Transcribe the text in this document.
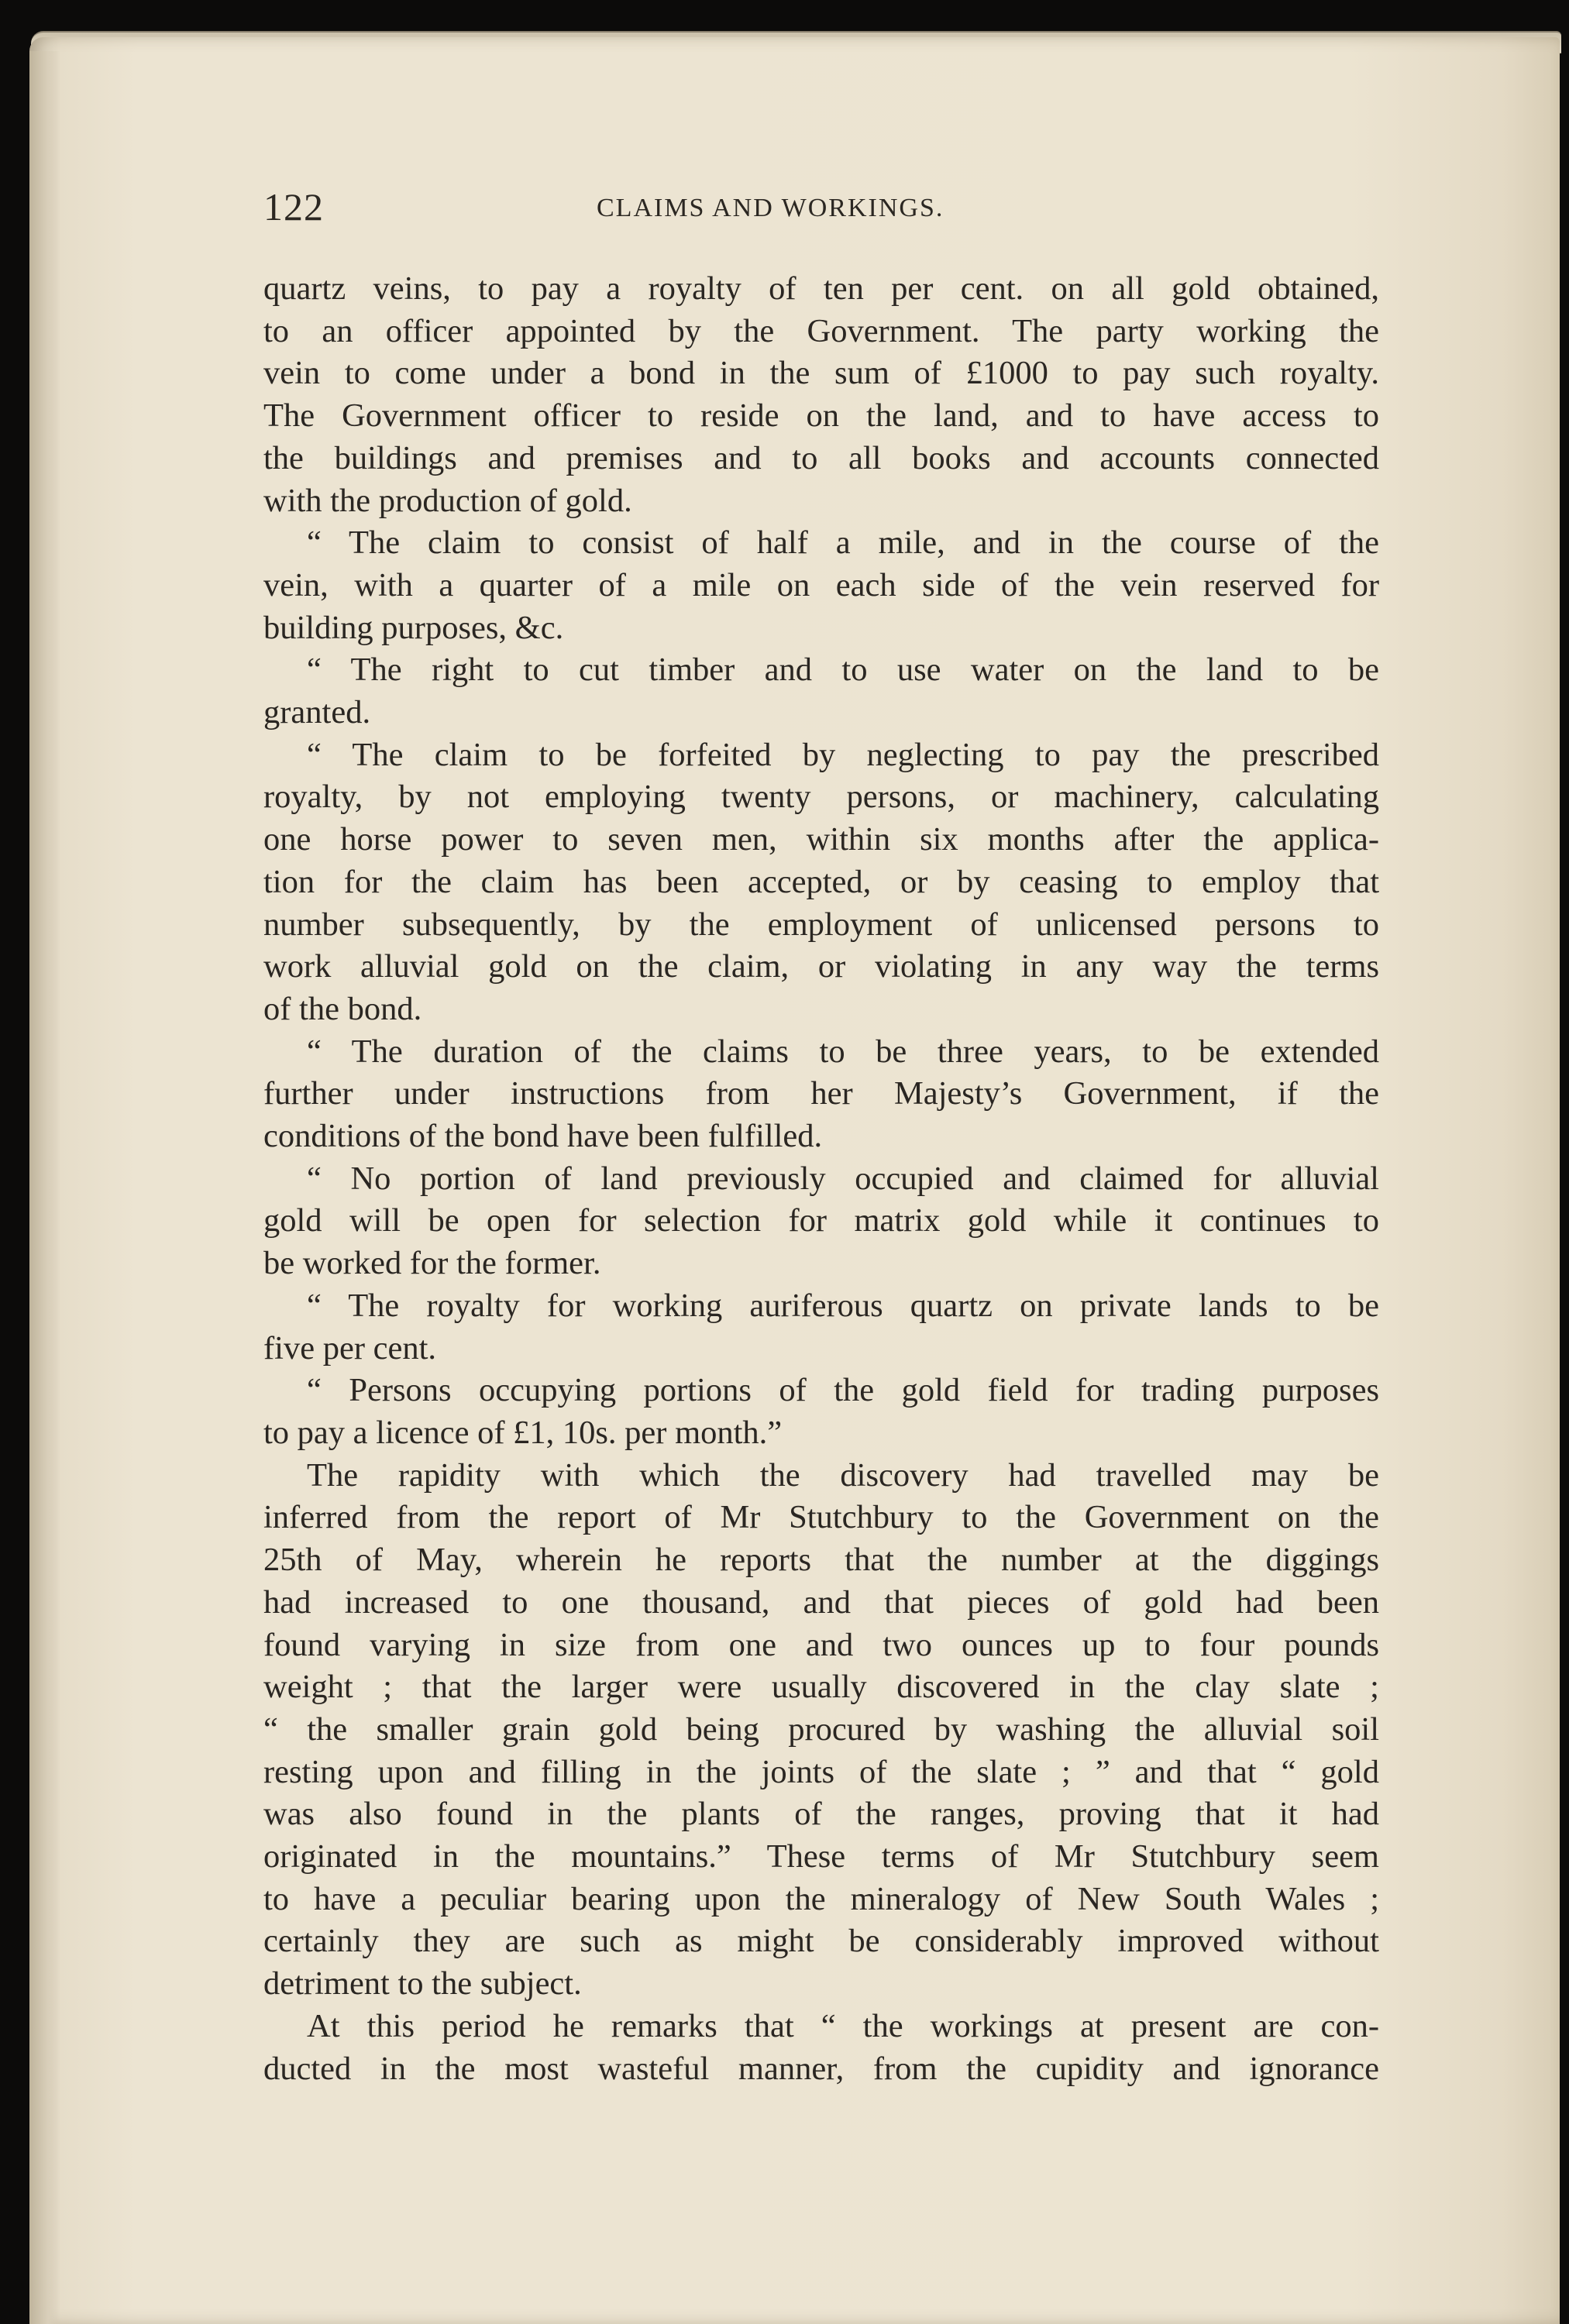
122	CLAIMS AND WORKINGS.

quartz veins, to pay a royalty of ten per cent. on all gold obtained,
to an officer appointed by the Government. The party working the
vein to come under a bond in the sum of £1000 to pay such royalty.
The Government officer to reside on the land, and to have access to
the buildings and premises and to all books and accounts connected
with the production of gold.

“ The claim to consist of half a mile, and in the course of the
vein, with a quarter of a mile on each side of the vein reserved for
building purposes, &c.

“ The right to cut timber and to use water on the land to be
granted.

“ The claim to be forfeited by neglecting to pay the prescribed
royalty, by not employing twenty persons, or machinery, calculating
one horse power to seven men, within six months after the applica-
tion for the claim has been accepted, or by ceasing to employ that
number subsequently, by the employment of unlicensed persons to
work alluvial gold on the claim, or violating in any way the terms
of the bond.

“ The duration of the claims to be three years, to be extended
further under instructions from her Majesty’s Government, if the
conditions of the bond have been fulfilled.

“ No portion of land previously occupied and claimed for alluvial
gold will be open for selection for matrix gold while it continues to
be worked for the former.

“ The royalty for working auriferous quartz on private lands to be
five per cent.

“ Persons occupying portions of the gold field for trading purposes
to pay a licence of £1, 10s. per month.”

The rapidity with which the discovery had travelled may be
inferred from the report of Mr Stutchbury to the Government on the
25th of May, wherein he reports that the number at the diggings
had increased to one thousand, and that pieces of gold had been
found varying in size from one and two ounces up to four pounds
weight ; that the larger were usually discovered in the clay slate ;
“ the smaller grain gold being procured by washing the alluvial soil
resting upon and filling in the joints of the slate ; ” and that “ gold
was also found in the plants of the ranges, proving that it had
originated in the mountains.” These terms of Mr Stutchbury seem
to have a peculiar bearing upon the mineralogy of New South Wales ;
certainly they are such as might be considerably improved without
detriment to the subject.

At this period he remarks that “ the workings at present are con-
ducted in the most wasteful manner, from the cupidity and ignorance
